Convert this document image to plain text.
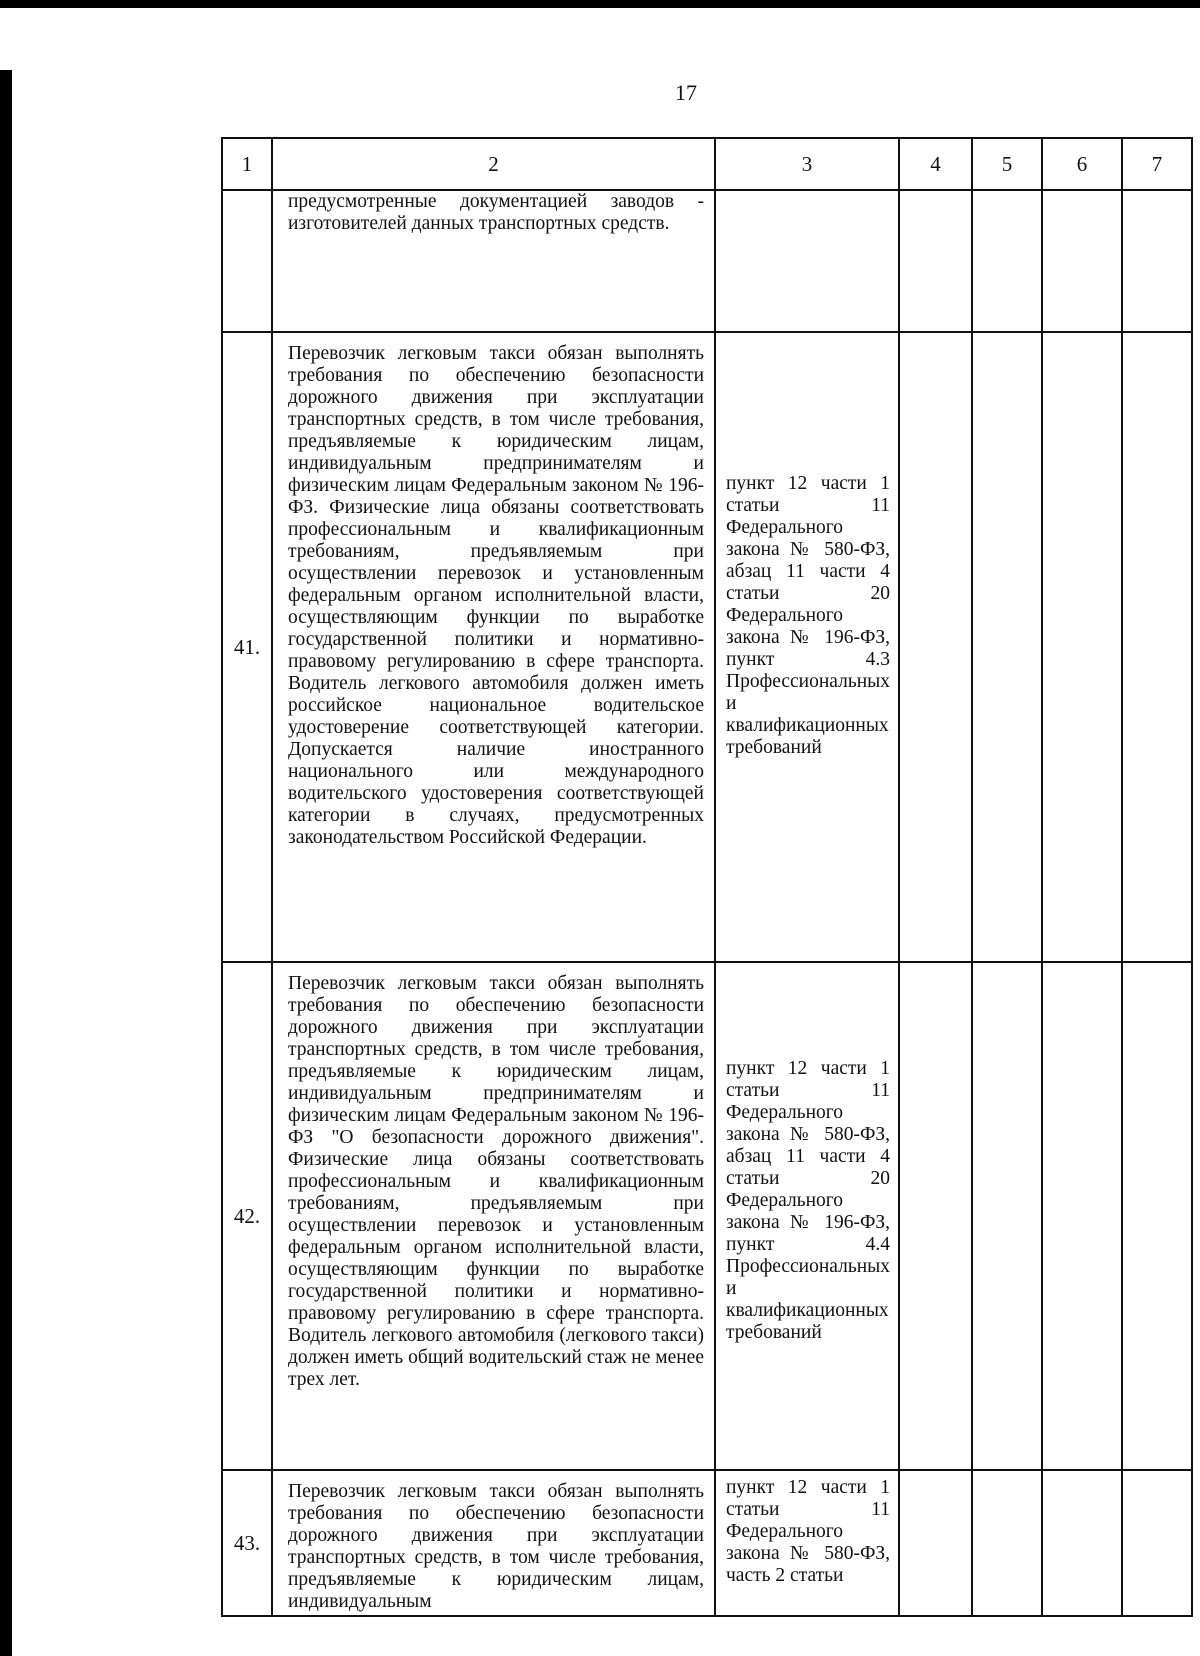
17
1	2	3	4	5	6	7
	предусмотренные документацией заводов - изготовителей данных транспортных средств.					
41.	Перевозчик легковым такси обязан выполнять требования по обеспечению безопасности дорожного движения при эксплуатации транспортных средств, в том числе требования, предъявляемые к юридическим лицам, индивидуальным предпринимателям и физическим лицам Федеральным законом № 196-ФЗ. Физические лица обязаны соответствовать профессиональным и квалификационным требованиям, предъявляемым при осуществлении перевозок и установленным федеральным органом исполнительной власти, осуществляющим функции по выработке государственной политики и нормативно-правовому регулированию в сфере транспорта. Водитель легкового автомобиля должен иметь российское национальное водительское удостоверение соответствующей категории. Допускается наличие иностранного национального или международного водительского удостоверения соответствующей категории в случаях, предусмотренных законодательством Российской Федерации.	пункт 12 части 1 статьи 11 Федерального закона № 580-ФЗ, абзац 11 части 4 статьи 20 Федерального закона № 196-ФЗ, пункт 4.3 Профессиональных и квалификационных требований				
42.	Перевозчик легковым такси обязан выполнять требования по обеспечению безопасности дорожного движения при эксплуатации транспортных средств, в том числе требования, предъявляемые к юридическим лицам, индивидуальным предпринимателям и физическим лицам Федеральным законом № 196-ФЗ "О безопасности дорожного движения". Физические лица обязаны соответствовать профессиональным и квалификационным требованиям, предъявляемым при осуществлении перевозок и установленным федеральным органом исполнительной власти, осуществляющим функции по выработке государственной политики и нормативно-правовому регулированию в сфере транспорта. Водитель легкового автомобиля (легкового такси) должен иметь общий водительский стаж не менее трех лет.	пункт 12 части 1 статьи 11 Федерального закона № 580-ФЗ, абзац 11 части 4 статьи 20 Федерального закона № 196-ФЗ, пункт 4.4 Профессиональных и квалификационных требований				
43.	Перевозчик легковым такси обязан выполнять требования по обеспечению безопасности дорожного движения при эксплуатации транспортных средств, в том числе требования, предъявляемые к юридическим лицам, индивидуальным	пункт 12 части 1 статьи 11 Федерального закона № 580-ФЗ, часть 2 статьи				
